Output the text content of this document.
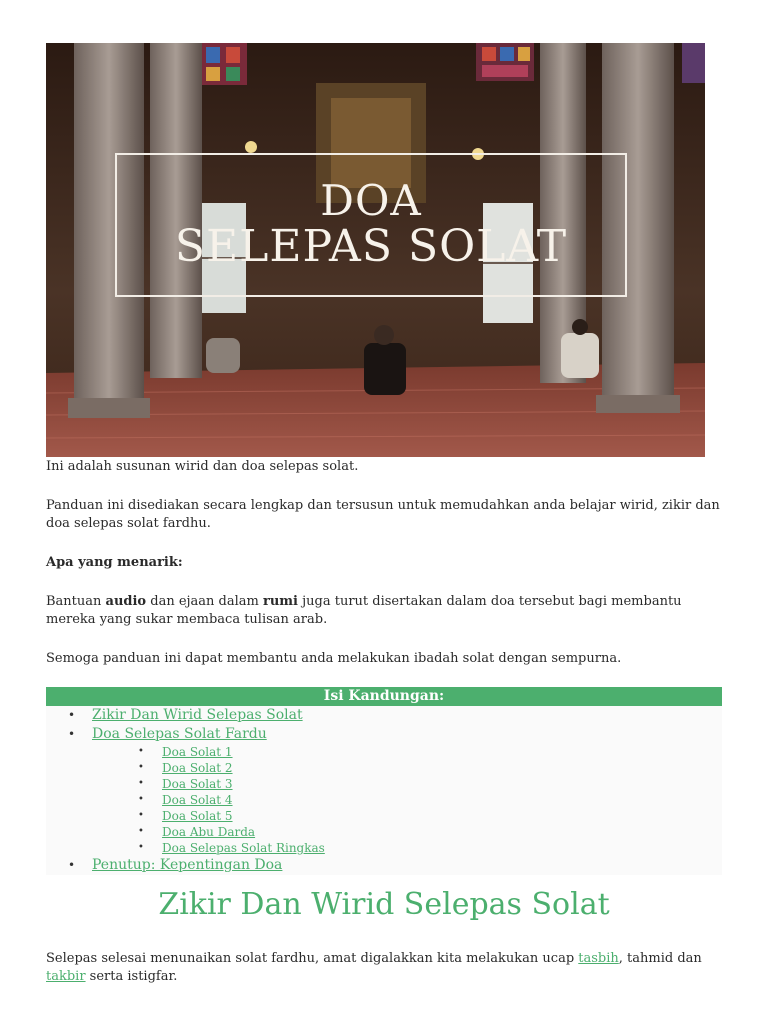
DOA
SELEPAS SOLAT

Ini adalah susunan wirid dan doa selepas solat.

Panduan ini disediakan secara lengkap dan tersusun untuk memudahkan anda belajar wirid, zikir dan doa selepas solat fardhu.

Apa yang menarik:

Bantuan audio dan ejaan dalam rumi juga turut disertakan dalam doa tersebut bagi membantu mereka yang sukar membaca tulisan arab.

Semoga panduan ini dapat membantu anda melakukan ibadah solat dengan sempurna.

Isi Kandungan:
• Zikir Dan Wirid Selepas Solat
• Doa Selepas Solat Fardu
• Doa Solat 1
• Doa Solat 2
• Doa Solat 3
• Doa Solat 4
• Doa Solat 5
• Doa Abu Darda
• Doa Selepas Solat Ringkas
• Penutup: Kepentingan Doa
Zikir Dan Wirid Selepas Solat

Selepas selesai menunaikan solat fardhu, amat digalakkan kita melakukan ucap tasbih, tahmid dan takbir serta istigfar.
